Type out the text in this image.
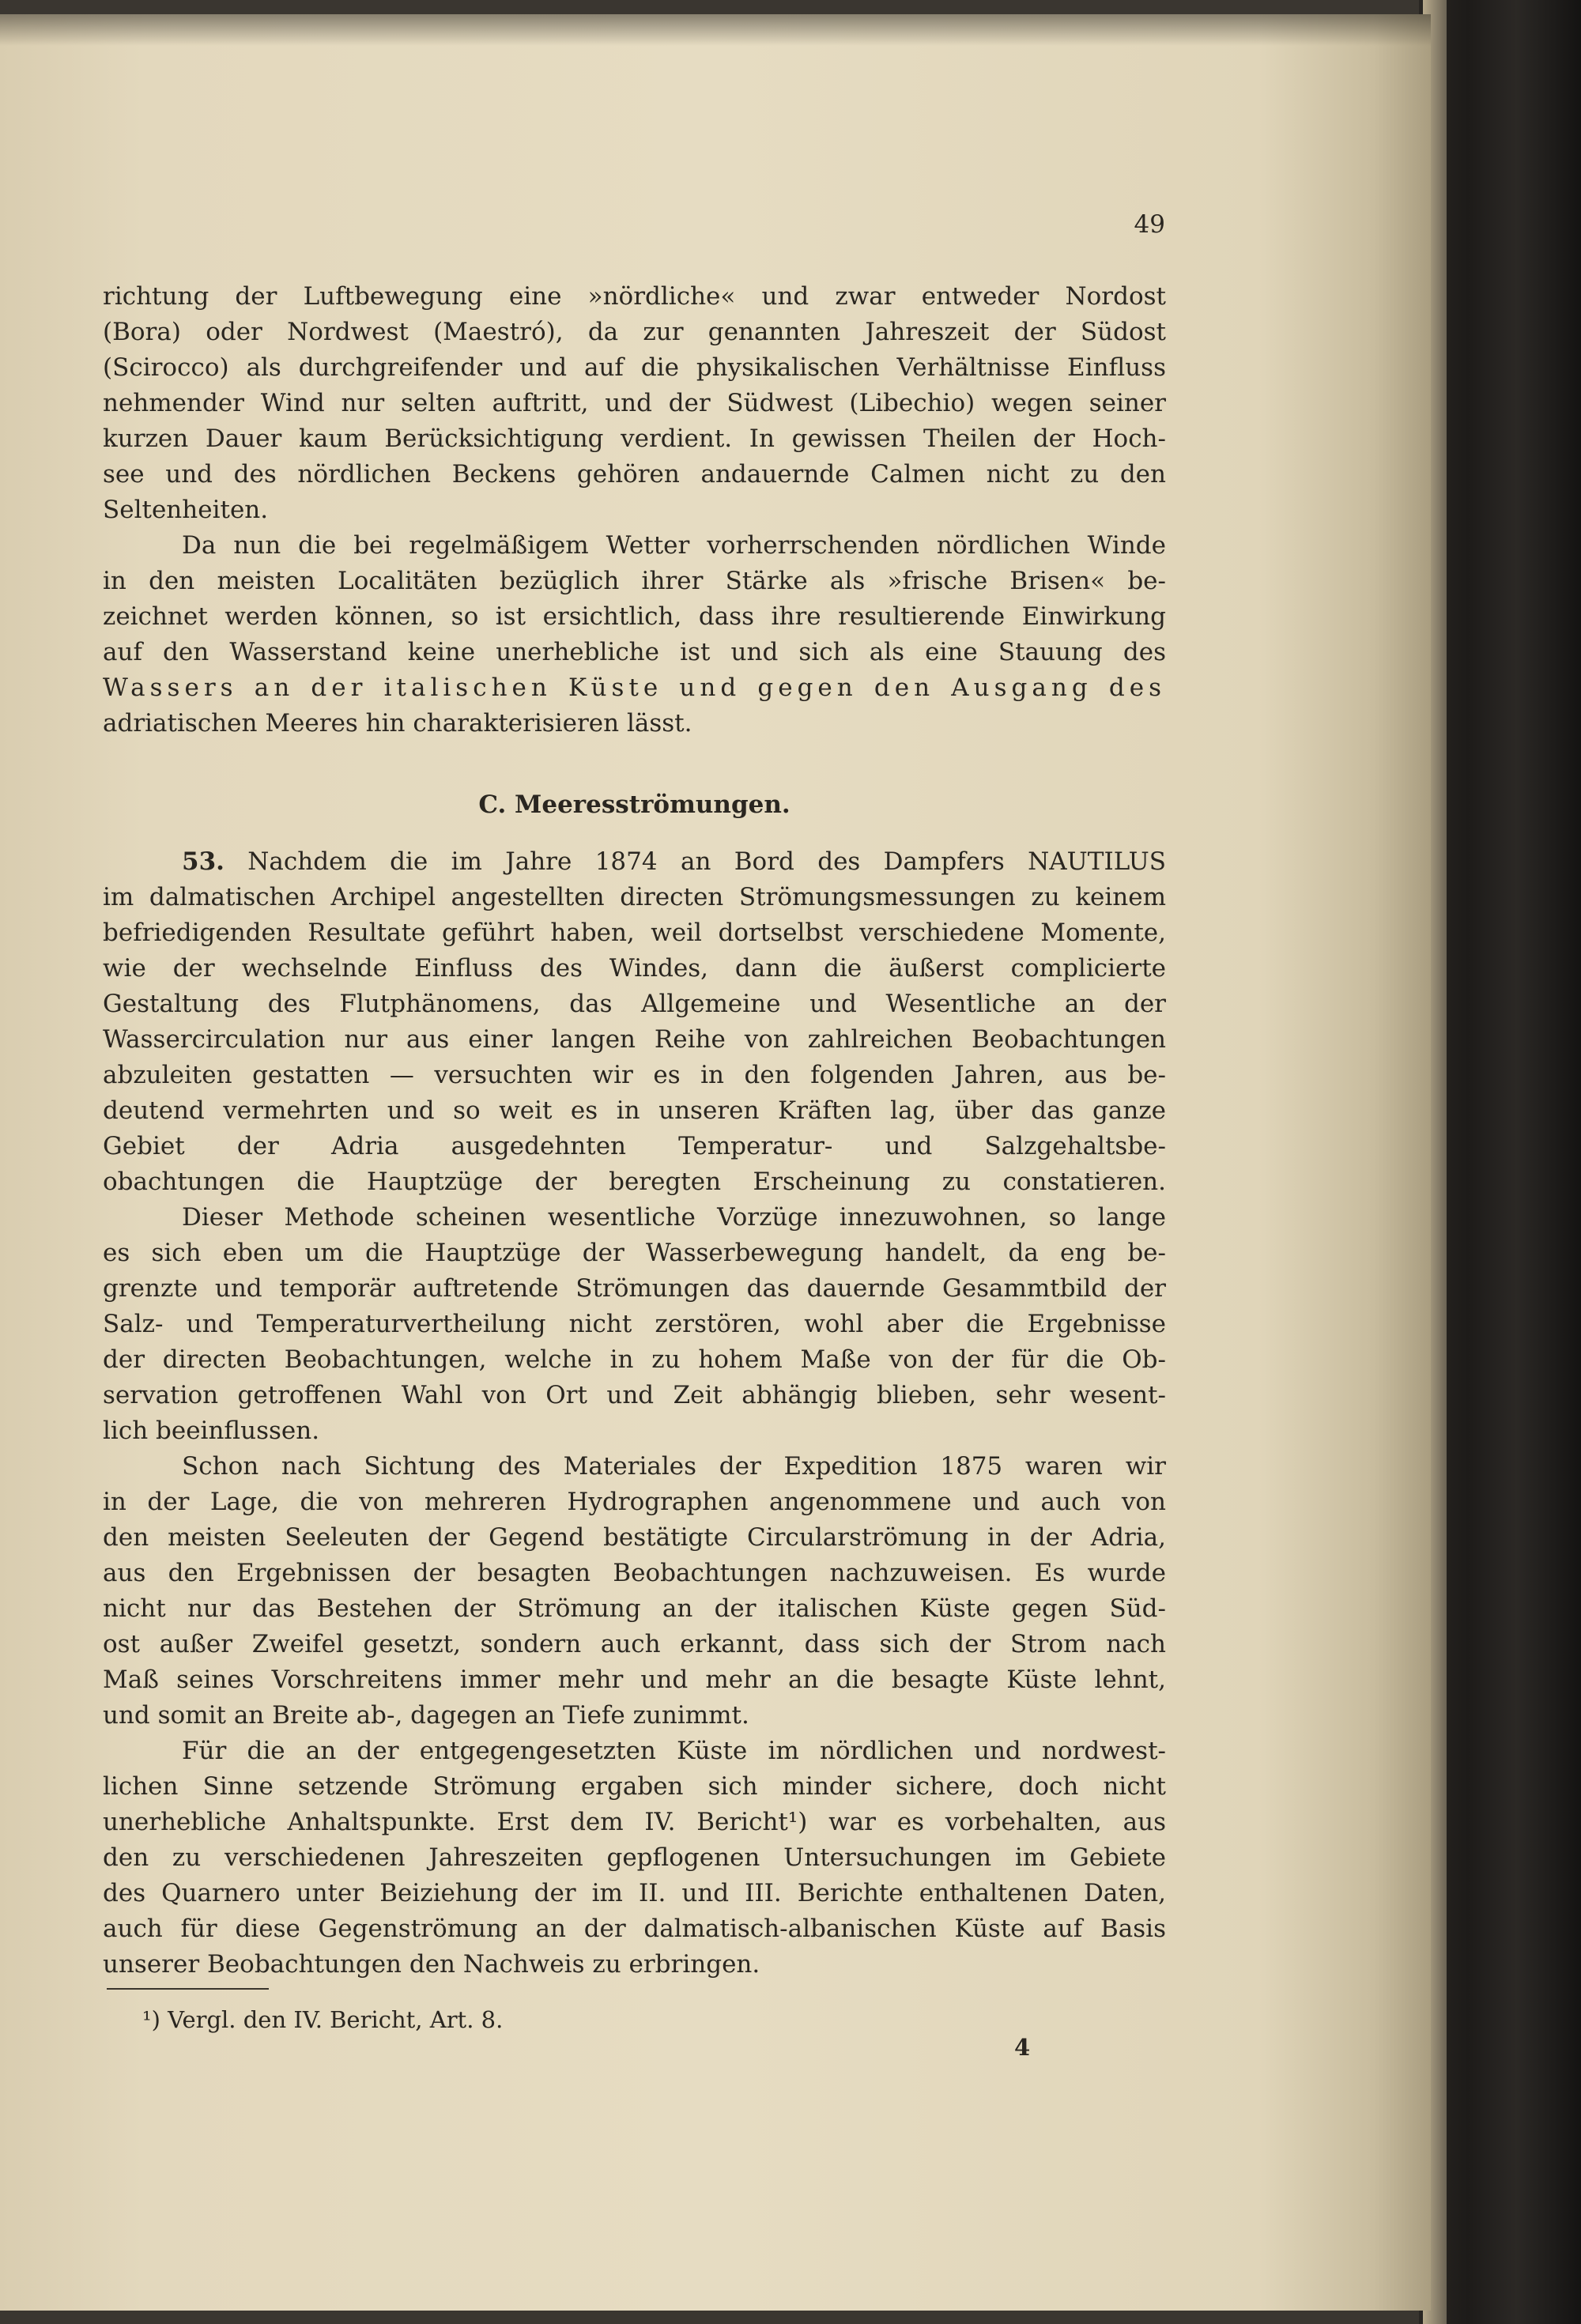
49
richtung der Luftbewegung eine »nördliche« und zwar entweder Nordost
(Bora) oder Nordwest (Maestró), da zur genannten Jahreszeit der Südost
(Scirocco) als durchgreifender und auf die physikalischen Verhältnisse Einfluss
nehmender Wind nur selten auftritt, und der Südwest (Libechio) wegen seiner
kurzen Dauer kaum Berücksichtigung verdient. In gewissen Theilen der Hoch-
see und des nördlichen Beckens gehören andauernde Calmen nicht zu den
Seltenheiten.
Da nun die bei regelmäßigem Wetter vorherrschenden nördlichen Winde
in den meisten Localitäten bezüglich ihrer Stärke als »frische Brisen« be-
zeichnet werden können, so ist ersichtlich, dass ihre resultierende Einwirkung
auf den Wasserstand keine unerhebliche ist und sich als eine Stauung des
Wassers an der italischen Küste und gegen den Ausgang des
adriatischen Meeres hin charakterisieren lässt.
C. Meeresströmungen.
53. Nachdem die im Jahre 1874 an Bord des Dampfers NAUTILUS
im dalmatischen Archipel angestellten directen Strömungsmessungen zu keinem
befriedigenden Resultate geführt haben, weil dortselbst verschiedene Momente,
wie der wechselnde Einfluss des Windes, dann die äußerst complicierte
Gestaltung des Flutphänomens, das Allgemeine und Wesentliche an der
Wassercirculation nur aus einer langen Reihe von zahlreichen Beobachtungen
abzuleiten gestatten — versuchten wir es in den folgenden Jahren, aus be-
deutend vermehrten und so weit es in unseren Kräften lag, über das ganze
Gebiet der Adria ausgedehnten Temperatur- und Salzgehaltsbe-
obachtungen die Hauptzüge der beregten Erscheinung zu constatieren.
Dieser Methode scheinen wesentliche Vorzüge innezuwohnen, so lange
es sich eben um die Hauptzüge der Wasserbewegung handelt, da eng be-
grenzte und temporär auftretende Strömungen das dauernde Gesammtbild der
Salz- und Temperaturvertheilung nicht zerstören, wohl aber die Ergebnisse
der directen Beobachtungen, welche in zu hohem Maße von der für die Ob-
servation getroffenen Wahl von Ort und Zeit abhängig blieben, sehr wesent-
lich beeinflussen.
Schon nach Sichtung des Materiales der Expedition 1875 waren wir
in der Lage, die von mehreren Hydrographen angenommene und auch von
den meisten Seeleuten der Gegend bestätigte Circularströmung in der Adria,
aus den Ergebnissen der besagten Beobachtungen nachzuweisen. Es wurde
nicht nur das Bestehen der Strömung an der italischen Küste gegen Süd-
ost außer Zweifel gesetzt, sondern auch erkannt, dass sich der Strom nach
Maß seines Vorschreitens immer mehr und mehr an die besagte Küste lehnt,
und somit an Breite ab-, dagegen an Tiefe zunimmt.
Für die an der entgegengesetzten Küste im nördlichen und nordwest-
lichen Sinne setzende Strömung ergaben sich minder sichere, doch nicht
unerhebliche Anhaltspunkte. Erst dem IV. Bericht¹) war es vorbehalten, aus
den zu verschiedenen Jahreszeiten gepflogenen Untersuchungen im Gebiete
des Quarnero unter Beiziehung der im II. und III. Berichte enthaltenen Daten,
auch für diese Gegenströmung an der dalmatisch-albanischen Küste auf Basis
unserer Beobachtungen den Nachweis zu erbringen.
¹) Vergl. den IV. Bericht, Art. 8.
4
